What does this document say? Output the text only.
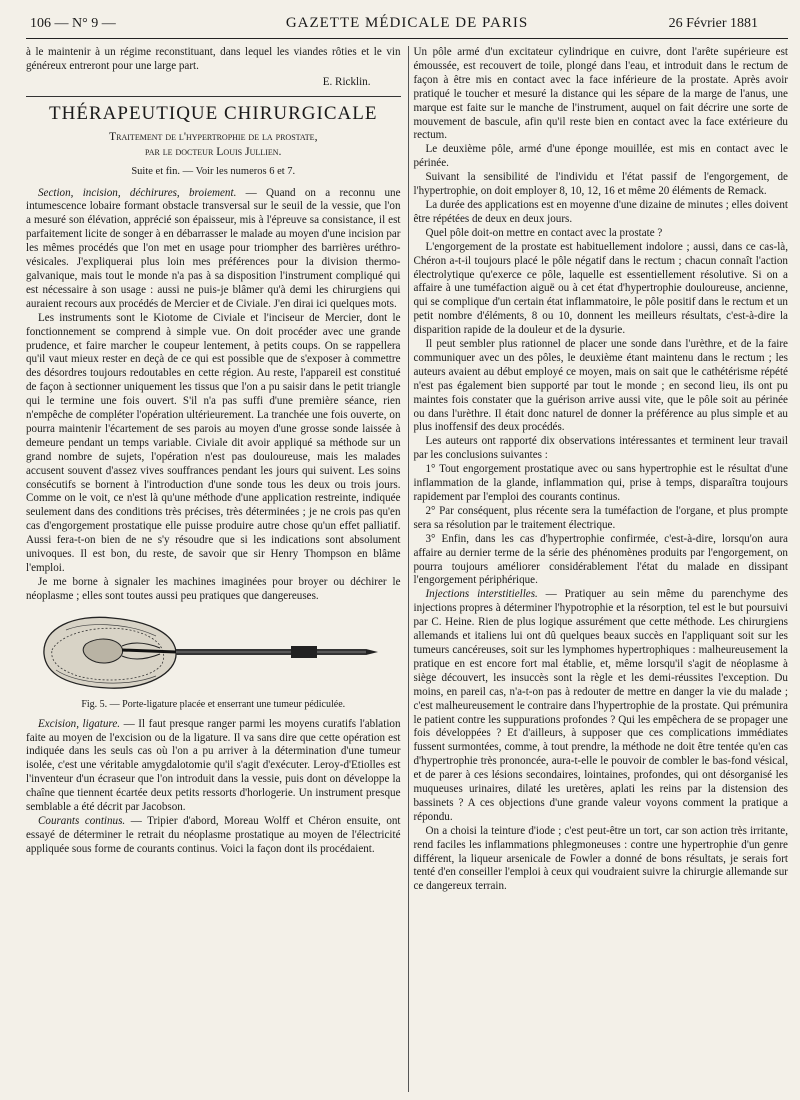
106 — N° 9 —	GAZETTE MÉDICALE DE PARIS	26 Février 1881

à le maintenir à un régime reconstituant, dans lequel les viandes rôties et le vin généreux entreront pour une large part.

E. Ricklin.
THÉRAPEUTIQUE CHIRURGICALE
Traitement de l'hypertrophie de la prostate,
par le docteur Louis Jullien.
Suite et fin. — Voir les numeros 6 et 7.

Section, incision, déchirures, broiement. — Quand on a reconnu une intumescence lobaire formant obstacle transversal sur le seuil de la vessie, que l'on a mesuré son élévation, apprécié son épaisseur, mis à l'épreuve sa consistance, il est parfaitement licite de songer à en débarrasser le malade au moyen d'une incision par les mêmes procédés que l'on met en usage pour triompher des barrières uréthro-vésicales. J'expliquerai plus loin mes préférences pour la division thermo-galvanique, mais tout le monde n'a pas à sa disposition l'instrument compliqué qui est nécessaire à son usage : aussi ne puis-je blâmer qu'à demi les chirurgiens qui auraient recours aux procédés de Mercier et de Civiale. J'en dirai ici quelques mots.

Les instruments sont le Kiotome de Civiale et l'inciseur de Mercier, dont le fonctionnement se comprend à simple vue. On doit procéder avec une grande prudence, et faire marcher le coupeur lentement, à petits coups. On se rappellera qu'il vaut mieux rester en deçà de ce qui est possible que de s'exposer à commettre des désordres toujours redoutables en cette région. Au reste, l'appareil est constitué de façon à sectionner uniquement les tissus que l'on a pu saisir dans le petit triangle qui le termine une fois ouvert. S'il n'a pas suffi d'une première séance, rien n'empêche de compléter l'opération ultérieurement. La tranchée une fois ouverte, on pourra maintenir l'écartement de ses parois au moyen d'une grosse sonde laissée à demeure pendant un temps variable. Civiale dit avoir appliqué sa méthode sur un grand nombre de sujets, l'opération n'est pas douloureuse, mais les malades accusent souvent d'assez vives souffrances pendant les jours qui suivent. Les soins consécutifs se bornent à l'introduction d'une sonde tous les deux ou trois jours. Comme on le voit, ce n'est là qu'une méthode d'une application restreinte, indiquée seulement dans des conditions très précises, très déterminées ; je ne crois pas qu'en cas d'engorgement prostatique elle puisse produire autre chose qu'un effet palliatif. Aussi fera-t-on bien de ne s'y résoudre que si les indications sont absolument univoques. Il est bon, du reste, de savoir que sir Henry Thompson en blâme l'emploi.

Je me borne à signaler les machines imaginées pour broyer ou déchirer le néoplasme ; elles sont toutes aussi peu pratiques que dangereuses.

Fig. 5. — Porte-ligature placée et enserrant une tumeur pédiculée.

Excision, ligature. — Il faut presque ranger parmi les moyens curatifs l'ablation faite au moyen de l'excision ou de la ligature. Il va sans dire que cette opération est indiquée dans les seuls cas où l'on a pu arriver à la détermination d'une tumeur isolée, c'est une véritable amygdalotomie qu'il s'agit d'exécuter. Leroy-d'Etiolles est l'inventeur d'un écraseur que l'on introduit dans la vessie, puis dont on développe la chaîne que tiennent écartée deux petits ressorts d'horlogerie. Un instrument presque semblable a été décrit par Jacobson.

Courants continus. — Tripier d'abord, Moreau Wolff et Chéron ensuite, ont essayé de déterminer le retrait du néoplasme prostatique au moyen de l'électricité appliquée sous forme de courants continus. Voici la façon dont ils procédaient.

Un pôle armé d'un excitateur cylindrique en cuivre, dont l'arête supérieure est émoussée, est recouvert de toile, plongé dans l'eau, et introduit dans le rectum de façon à être mis en contact avec la face inférieure de la prostate. Après avoir pratiqué le toucher et mesuré la distance qui les sépare de la marge de l'anus, une marque est faite sur le manche de l'instrument, auquel on fait décrire une sorte de mouvement de bascule, afin qu'il reste bien en contact avec la face extérieure du rectum.

Le deuxième pôle, armé d'une éponge mouillée, est mis en contact avec le périnée.

Suivant la sensibilité de l'individu et l'état passif de l'engorgement, de l'hypertrophie, on doit employer 8, 10, 12, 16 et même 20 éléments de Remack.

La durée des applications est en moyenne d'une dizaine de minutes ; elles doivent être répétées de deux en deux jours.

Quel pôle doit-on mettre en contact avec la prostate ?

L'engorgement de la prostate est habituellement indolore ; aussi, dans ce cas-là, Chéron a-t-il toujours placé le pôle négatif dans le rectum ; chacun connaît l'action électrolytique qu'exerce ce pôle, laquelle est essentiellement résolutive. Si on a affaire à une tuméfaction aiguë ou à cet état d'hypertrophie douloureuse, ancienne, qui se complique d'un certain état inflammatoire, le pôle positif dans le rectum et un petit nombre d'éléments, 8 ou 10, donnent les meilleurs résultats, c'est-à-dire la disparition rapide de la douleur et de la dysurie.

Il peut sembler plus rationnel de placer une sonde dans l'urèthre, et de la faire communiquer avec un des pôles, le deuxième étant maintenu dans le rectum ; les auteurs avaient au début employé ce moyen, mais on sait que le cathétérisme répété n'est pas également bien supporté par tout le monde ; en second lieu, ils ont pu maintes fois constater que la guérison arrive aussi vite, que le pôle soit au périnée ou dans l'urèthre. Il était donc naturel de donner la préférence au plus simple et au plus inoffensif des deux procédés.

Les auteurs ont rapporté dix observations intéressantes et terminent leur travail par les conclusions suivantes :

1° Tout engorgement prostatique avec ou sans hypertrophie est le résultat d'une inflammation de la glande, inflammation qui, prise à temps, disparaîtra toujours rapidement par l'emploi des courants continus.

2° Par conséquent, plus récente sera la tuméfaction de l'organe, et plus prompte sera sa résolution par le traitement électrique.

3° Enfin, dans les cas d'hypertrophie confirmée, c'est-à-dire, lorsqu'on aura affaire au dernier terme de la série des phénomènes produits par l'engorgement, on pourra toujours améliorer considérablement l'état du malade en dissipant l'engorgement périphérique.

Injections interstitielles. — Pratiquer au sein même du parenchyme des injections propres à déterminer l'hypotrophie et la résorption, tel est le but poursuivi par C. Heine. Rien de plus logique assurément que cette méthode. Les chirurgiens allemands et italiens lui ont dû quelques beaux succès en l'appliquant soit sur les tumeurs cancéreuses, soit sur les lymphomes hypertrophiques : malheureusement la pratique en est encore fort mal établie, et, même lorsqu'il s'agit de néoplasme à siège découvert, les insuccès sont la règle et les demi-réussites l'exception. Du moins, en pareil cas, n'a-t-on pas à redouter de mettre en danger la vie du malade ; c'est malheureusement le contraire dans l'hypertrophie de la prostate. Qui prémunira le patient contre les suppurations profondes ? Qui les empêchera de se propager une fois développées ? Et d'ailleurs, à supposer que ces complications immédiates fussent surmontées, comme, à tout prendre, la méthode ne doit être tentée qu'en cas d'hypertrophie très prononcée, aura-t-elle le pouvoir de combler le bas-fond vésical, et de parer à ces lésions secondaires, lointaines, profondes, qui ont désorganisé les muqueuses urinaires, dilaté les uretères, aplati les reins par la distension des bassinets ? A ces objections d'une grande valeur voyons comment la pratique a répondu.

On a choisi la teinture d'iode ; c'est peut-être un tort, car son action très irritante, rend faciles les inflammations phlegmoneuses : contre une hypertrophie d'un genre différent, la liqueur arsenicale de Fowler a donné de bons résultats, je serais fort tenté d'en conseiller l'emploi à ceux qui voudraient suivre la chirurgie allemande sur ce dangereux terrain.
